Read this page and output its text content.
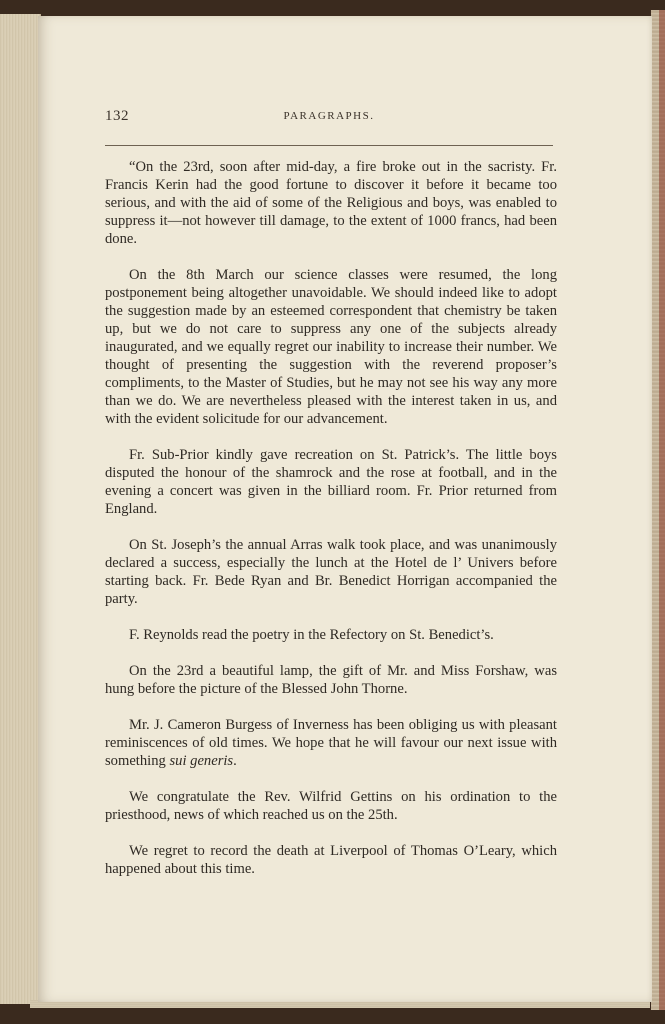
132	PARAGRAPHS.

“On the 23rd, soon after mid-day, a fire broke out in the sacristy. Fr. Francis Kerin had the good fortune to discover it before it became too serious, and with the aid of some of the Religious and boys, was enabled to suppress it—not however till damage, to the extent of 1000 francs, had been done.

On the 8th March our science classes were resumed, the long postponement being altogether unavoidable. We should indeed like to adopt the suggestion made by an esteemed correspondent that chemistry be taken up, but we do not care to suppress any one of the subjects already inaugurated, and we equally regret our inability to increase their number. We thought of presenting the suggestion with the reverend proposer’s compliments, to the Master of Studies, but he may not see his way any more than we do. We are nevertheless pleased with the interest taken in us, and with the evident solicitude for our advancement.

Fr. Sub-Prior kindly gave recreation on St. Patrick’s. The little boys disputed the honour of the shamrock and the rose at football, and in the evening a concert was given in the billiard room. Fr. Prior returned from England.

On St. Joseph’s the annual Arras walk took place, and was unanimously declared a success, especially the lunch at the Hotel de l’ Univers before starting back. Fr. Bede Ryan and Br. Benedict Horrigan accompanied the party.

F. Reynolds read the poetry in the Refectory on St. Benedict’s.

On the 23rd a beautiful lamp, the gift of Mr. and Miss Forshaw, was hung before the picture of the Blessed John Thorne.

Mr. J. Cameron Burgess of Inverness has been obliging us with pleasant reminiscences of old times. We hope that he will favour our next issue with something sui generis.

We congratulate the Rev. Wilfrid Gettins on his ordination to the priesthood, news of which reached us on the 25th.

We regret to record the death at Liverpool of Thomas O’Leary, which happened about this time.
